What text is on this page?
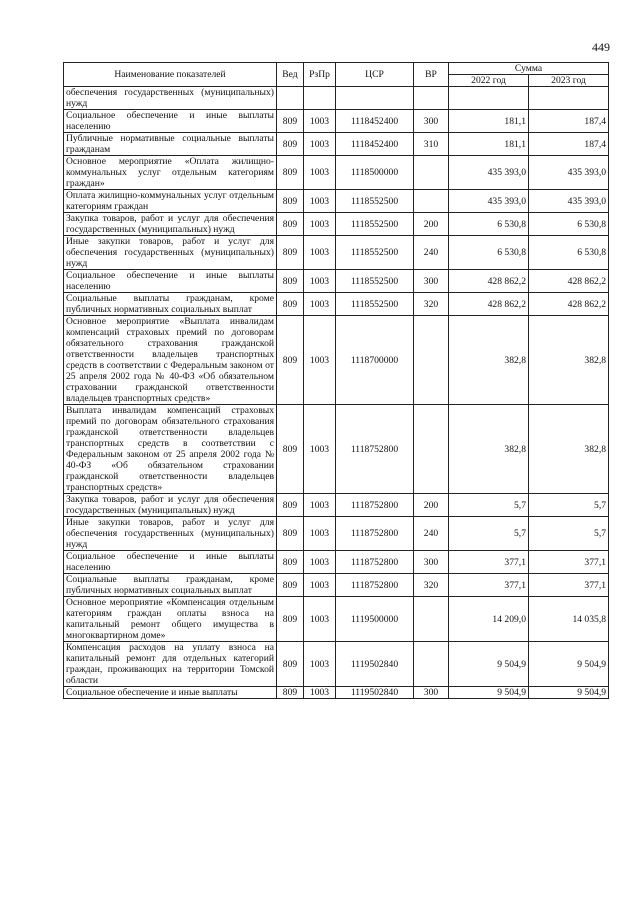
449
Наименование показателей	Вед	РзПр	ЦСР	ВР	Сумма	
					2022 год	2023 год
обеспечения государственных (муниципальных) нужд						
Социальное обеспечение и иные выплаты населению	809	1003	1118452400	300	181,1	187,4
Публичные нормативные социальные выплаты гражданам	809	1003	1118452400	310	181,1	187,4
Основное мероприятие «Оплата жилищно-коммунальных услуг отдельным категориям граждан»	809	1003	1118500000		435 393,0	435 393,0
Оплата жилищно-коммунальных услуг отдельным категориям граждан	809	1003	1118552500		435 393,0	435 393,0
Закупка товаров, работ и услуг для обеспечения государственных (муниципальных) нужд	809	1003	1118552500	200	6 530,8	6 530,8
Иные закупки товаров, работ и услуг для обеспечения государственных (муниципальных) нужд	809	1003	1118552500	240	6 530,8	6 530,8
Социальное обеспечение и иные выплаты населению	809	1003	1118552500	300	428 862,2	428 862,2
Социальные выплаты гражданам, кроме публичных нормативных социальных выплат	809	1003	1118552500	320	428 862,2	428 862,2
Основное мероприятие «Выплата инвалидам компенсаций страховых премий по договорам обязательного страхования гражданской ответственности владельцев транспортных средств в соответствии с Федеральным законом от 25 апреля 2002 года № 40-ФЗ «Об обязательном страховании гражданской ответственности владельцев транспортных средств»	809	1003	1118700000		382,8	382,8
Выплата инвалидам компенсаций страховых премий по договорам обязательного страхования гражданской ответственности владельцев транспортных средств в соответствии с Федеральным законом от 25 апреля 2002 года № 40-ФЗ «Об обязательном страховании гражданской ответственности владельцев транспортных средств»	809	1003	1118752800		382,8	382,8
Закупка товаров, работ и услуг для обеспечения государственных (муниципальных) нужд	809	1003	1118752800	200	5,7	5,7
Иные закупки товаров, работ и услуг для обеспечения государственных (муниципальных) нужд	809	1003	1118752800	240	5,7	5,7
Социальное обеспечение и иные выплаты населению	809	1003	1118752800	300	377,1	377,1
Социальные выплаты гражданам, кроме публичных нормативных социальных выплат	809	1003	1118752800	320	377,1	377,1
Основное мероприятие «Компенсация отдельным категориям граждан оплаты взноса на капитальный ремонт общего имущества в многоквартирном доме»	809	1003	1119500000		14 209,0	14 035,8
Компенсация расходов на уплату взноса на капитальный ремонт для отдельных категорий граждан, проживающих на территории Томской области	809	1003	1119502840		9 504,9	9 504,9
Социальное обеспечение и иные выплаты	809	1003	1119502840	300	9 504,9	9 504,9
